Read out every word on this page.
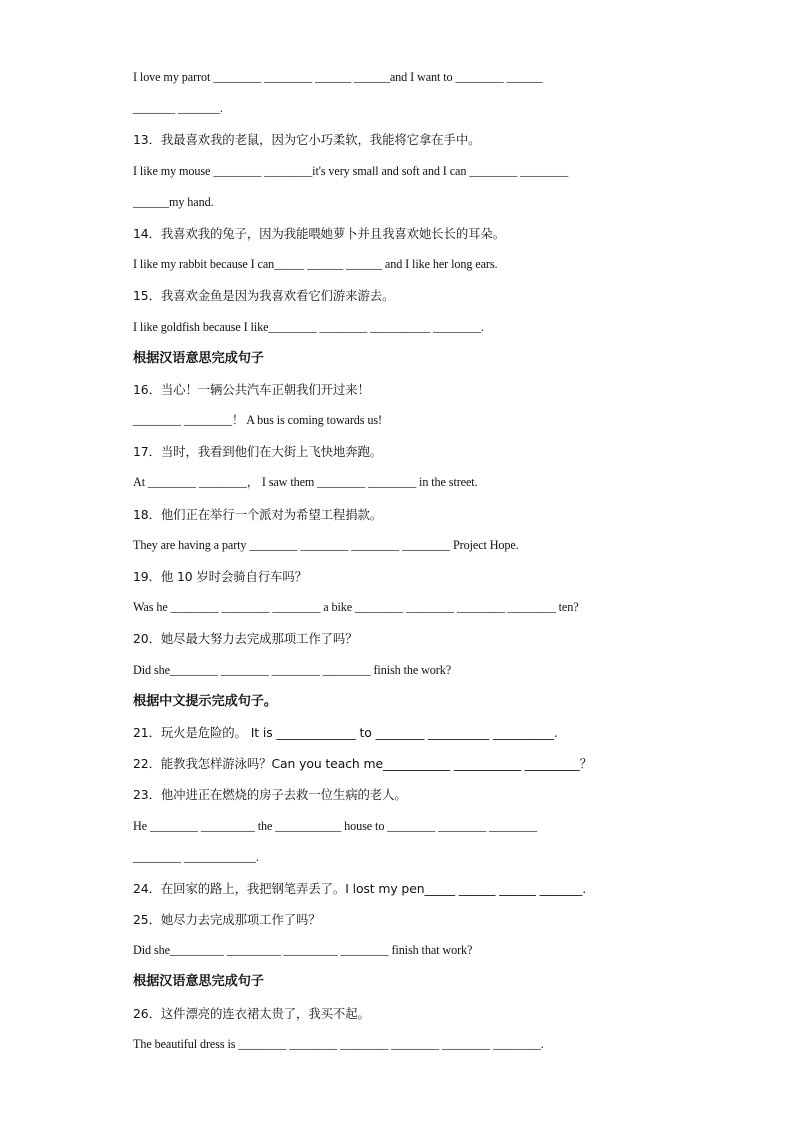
I love my parrot ________ ________ ______ ______and I want to ________ ______
_______ _______.
13．我最喜欢我的老鼠，因为它小巧柔软，我能将它拿在手中。
I like my mouse ________ ________it's very small and soft and I can ________ ________
______my hand.
14．我喜欢我的兔子，因为我能喂她萝卜并且我喜欢她长长的耳朵。
I like my rabbit because I can_____ ______ ______ and I like her long ears.
15．我喜欢金鱼是因为我喜欢看它们游来游去。
I like goldfish because I like________ ________ __________ ________.
根据汉语意思完成句子
16．当心！一辆公共汽车正朝我们开过来！
________ ________！ A bus is coming towards us!
17．当时，我看到他们在大街上飞快地奔跑。
At ________ ________， I saw them ________ ________ in the street.
18．他们正在举行一个派对为希望工程捐款。
They are having a party ________ ________ ________ ________ Project Hope.
19．他 10 岁时会骑自行车吗？
Was he ________ ________ ________ a bike ________ ________ ________ ________ ten?
20．她尽最大努力去完成那项工作了吗？
Did she________ ________ ________ ________ finish the work?
根据中文提示完成句子。
21．玩火是危险的。 It is _____________ to ________ __________ __________.
22．能教我怎样游泳吗？Can you teach me___________ ___________ _________？
23．他冲进正在燃烧的房子去救一位生病的老人。
He ________ _________ the ___________ house to ________ ________ ________
________ ____________.
24．在回家的路上，我把钢笔弄丢了。I lost my pen_____ ______ ______ _______.
25．她尽力去完成那项工作了吗？
Did she_________ _________ _________ ________ finish that work?
根据汉语意思完成句子
26．这件漂亮的连衣裙太贵了，我买不起。
The beautiful dress is ________ ________ ________ ________ ________ ________.
